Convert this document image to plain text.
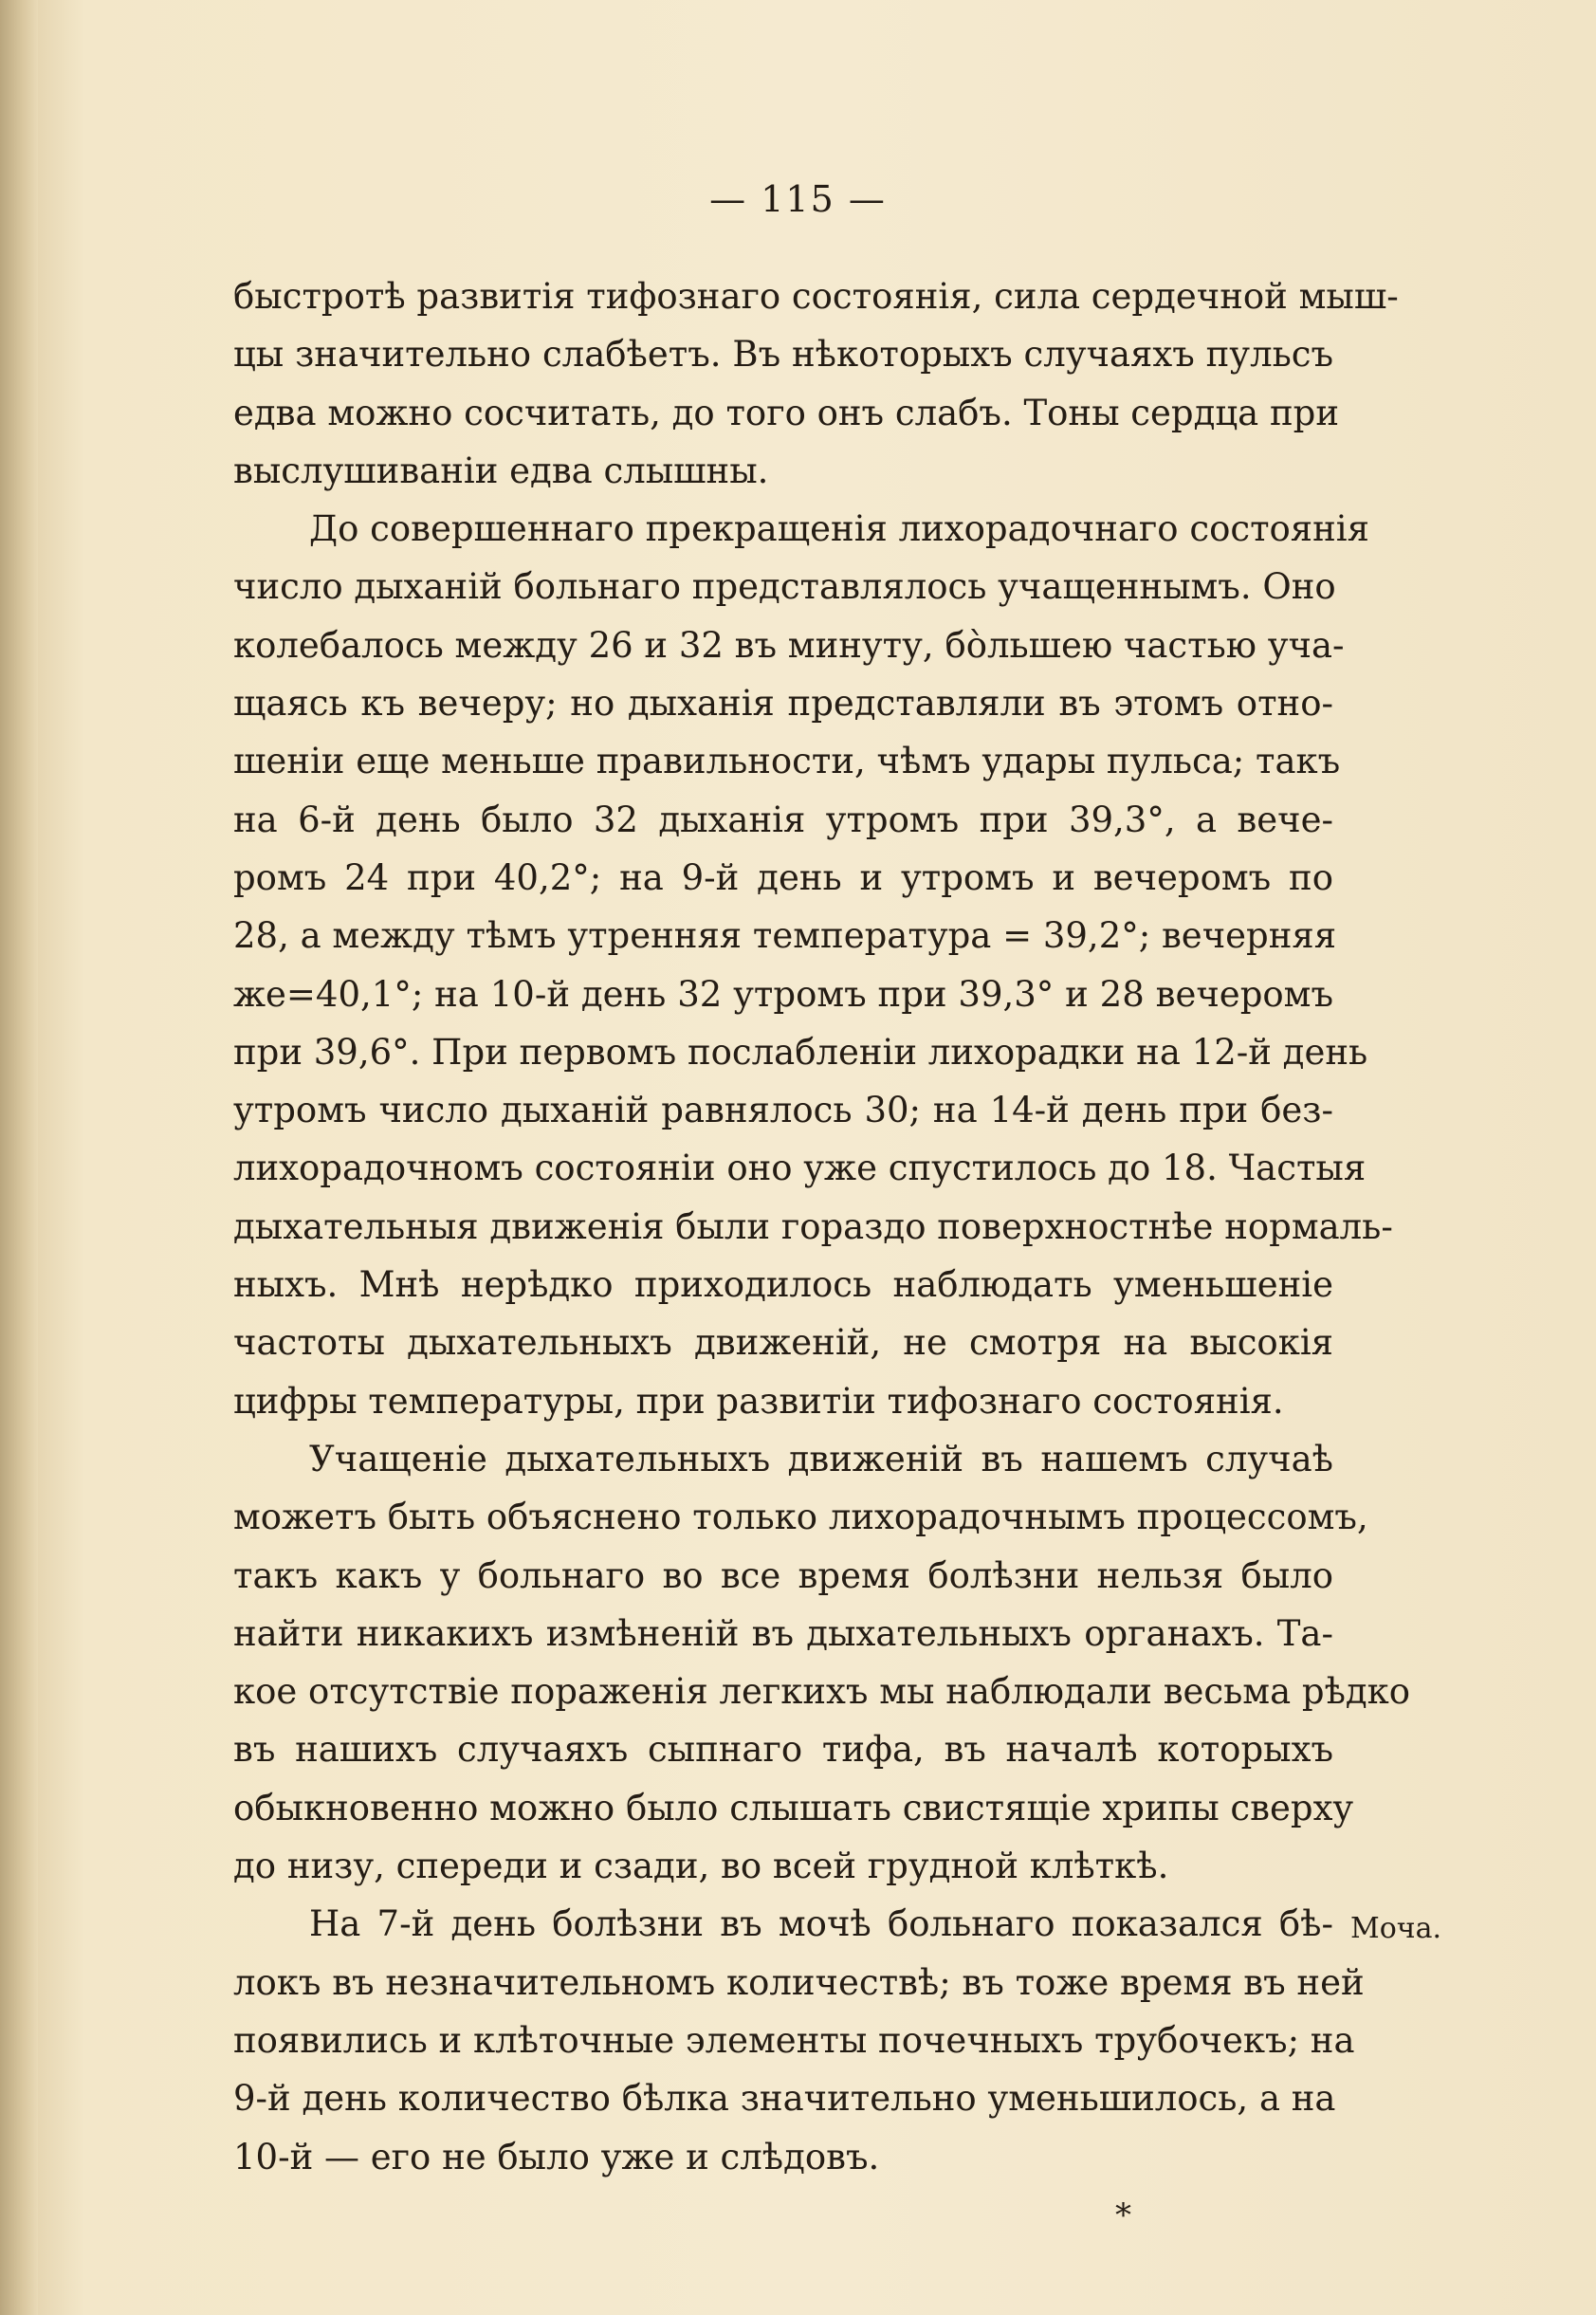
— 115 —

быстротѣ развитія тифознаго состоянія, сила сердечной мыш-
цы значительно слабѣетъ. Въ нѣкоторыхъ случаяхъ пульсъ
едва можно сосчитать, до того онъ слабъ. Тоны сердца при
выслушиваніи едва слышны.

До совершеннаго прекращенія лихорадочнаго состоянія
число дыханій больнаго представлялось учащеннымъ. Оно
колебалось между 26 и 32 въ минуту, бо̀льшею частью уча-
щаясь къ вечеру; но дыханія представляли въ этомъ отно-
шеніи еще меньше правильности, чѣмъ удары пульса; такъ
на 6-й день было 32 дыханія утромъ при 39,3°, а вече-
ромъ 24 при 40,2°; на 9-й день и утромъ и вечеромъ по
28, а между тѣмъ утренняя температура = 39,2°; вечерняя
же=40,1°; на 10-й день 32 утромъ при 39,3° и 28 вечеромъ
при 39,6°. При первомъ послабленіи лихорадки на 12-й день
утромъ число дыханій равнялось 30; на 14-й день при без-
лихорадочномъ состояніи оно уже спустилось до 18. Частыя
дыхательныя движенія были гораздо поверхностнѣе нормаль-
ныхъ. Мнѣ нерѣдко приходилось наблюдать уменьшеніе
частоты дыхательныхъ движеній, не смотря на высокія
цифры температуры, при развитіи тифознаго состоянія.

Учащеніе дыхательныхъ движеній въ нашемъ случаѣ
можетъ быть объяснено только лихорадочнымъ процессомъ,
такъ какъ у больнаго во все время болѣзни нельзя было
найти никакихъ измѣненій въ дыхательныхъ органахъ. Та-
кое отсутствіе пораженія легкихъ мы наблюдали весьма рѣдко
въ нашихъ случаяхъ сыпнаго тифа, въ началѣ которыхъ
обыкновенно можно было слышать свистящіе хрипы сверху
до низу, спереди и сзади, во всей грудной клѣткѣ.

На 7-й день болѣзни въ мочѣ больнаго показался бѣ-
локъ въ незначительномъ количествѣ; въ тоже время въ ней
появились и клѣточные элементы почечныхъ трубочекъ; на
9-й день количество бѣлка значительно уменьшилось, а на
10-й — его не было уже и слѣдовъ.

Моча.
*
